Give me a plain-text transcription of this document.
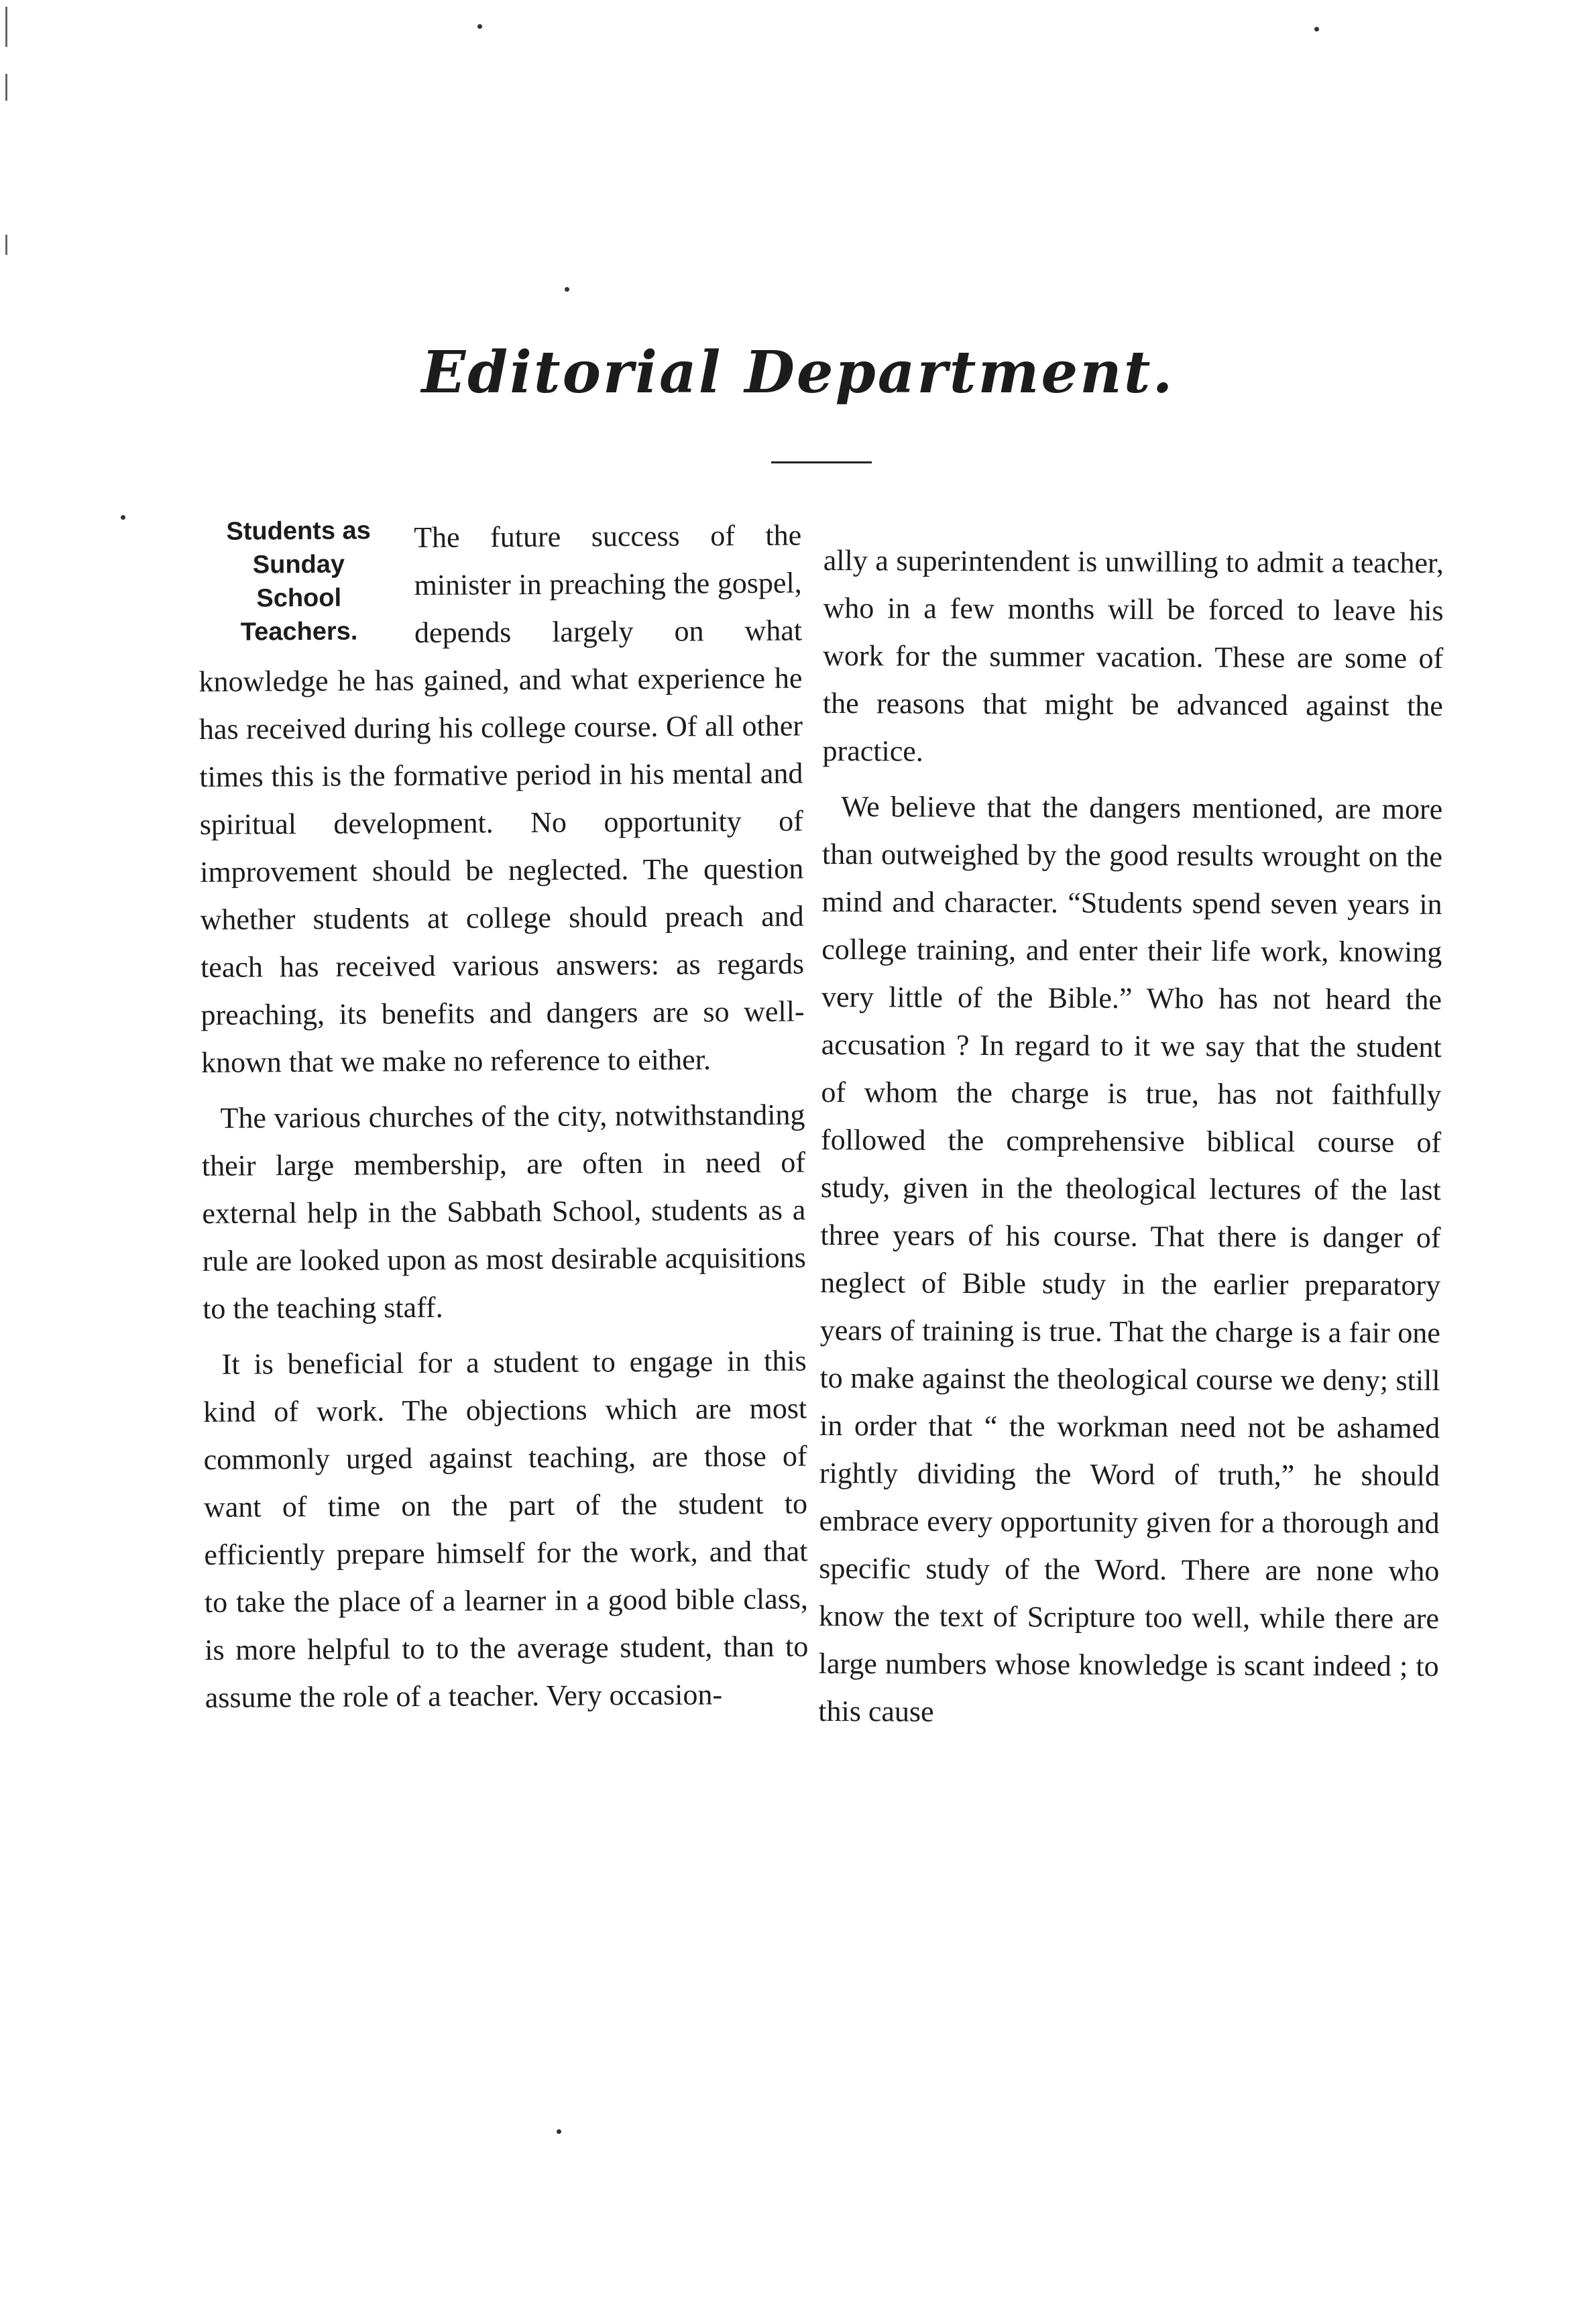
Editorial Department.
Students as
Sunday
School
Teachers.

The future success of the minister in preaching the gospel, depends largely on what knowledge he has gained, and what experience he has received during his college course. Of all other times this is the formative period in his mental and spiritual development. No opportunity of improvement should be neglected. The question whether students at college should preach and teach has received various answers: as regards preaching, its benefits and dangers are so well-known that we make no reference to either.

The various churches of the city, notwithstanding their large membership, are often in need of external help in the Sabbath School, students as a rule are looked upon as most desirable acquisitions to the teaching staff.

It is beneficial for a student to engage in this kind of work. The objections which are most commonly urged against teaching, are those of want of time on the part of the student to efficiently prepare himself for the work, and that to take the place of a learner in a good bible class, is more helpful to to the average student, than to assume the role of a teacher. Very occasion-

ally a superintendent is unwilling to admit a teacher, who in a few months will be forced to leave his work for the summer vacation. These are some of the reasons that might be advanced against the practice.

We believe that the dangers mentioned, are more than outweighed by the good results wrought on the mind and character. “Students spend seven years in college training, and enter their life work, knowing very little of the Bible.” Who has not heard the accusation ? In regard to it we say that the student of whom the charge is true, has not faithfully followed the comprehensive biblical course of study, given in the theological lectures of the last three years of his course. That there is danger of neglect of Bible study in the earlier preparatory years of training is true. That the charge is a fair one to make against the theological course we deny; still in order that “ the workman need not be ashamed rightly dividing the Word of truth,” he should embrace every opportunity given for a thorough and specific study of the Word. There are none who know the text of Scripture too well, while there are large numbers whose knowledge is scant indeed ; to this cause
